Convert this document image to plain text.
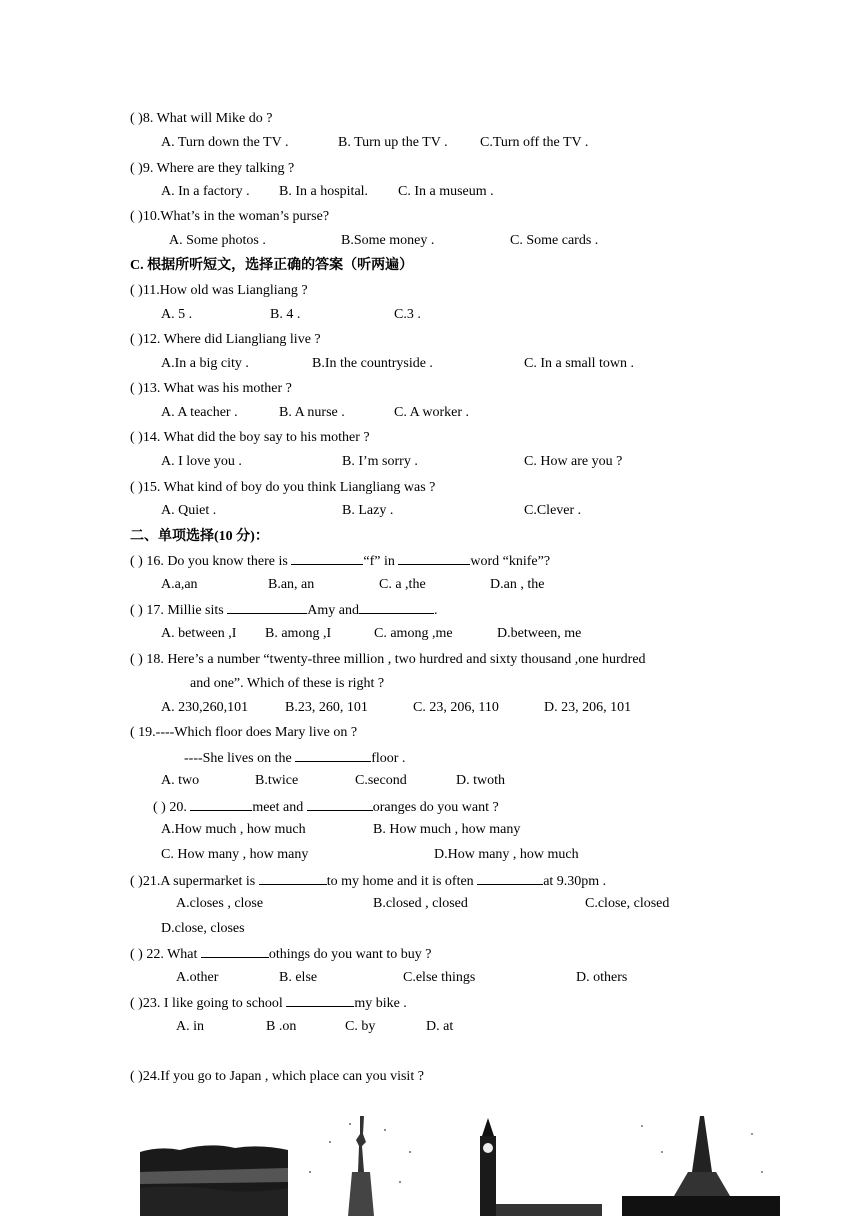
( )8. What will Mike do ?
A. Turn down the TV .	B. Turn up the TV . C.Turn off the TV .
( )9. Where are they talking ?
A. In a factory . B. In a hospital. C. In a museum .
( )10.What’s in the woman’s purse?
A. Some photos .	B.Some money .	C. Some cards .
C. 根据所听短文，选择正确的答案（听两遍）
( )11.How old was Liangliang ?
A. 5 .	B. 4 .	C.3 .
( )12. Where did Liangliang live ?
A.In a big city .	B.In the countryside .	C. In a small town .
( )13. What was his mother ?
A. A teacher .	B. A nurse .	C. A worker .
( )14. What did the boy say to his mother ?
A. I love you .	B. I’m sorry .	C. How are you ?
( )15. What kind of boy do you think Liangliang was ?
A. Quiet .	B. Lazy .	C.Clever .
二、单项选择(10 分)：
( ) 16. Do you know there is	“f” in	word “knife”?
A.a,an	B.an, an	C. a ,the	D.an , the
( ) 17. Millie sits	Amy and	.
A. between ,I B. among ,I	C. among ,me	D.between, me
( ) 18. Here’s a number “twenty-three million , two hurdred and sixty thousand ,one hurdred
and one”. Which of these is right ?
A. 230,260,101	B.23, 260, 101	C. 23, 206, 110	D. 23, 206, 101
( 19.----Which floor does Mary live on ?
----She lives on the	floor .
A. two	B.twice	C.second	D. twoth
( ) 20.	meet and	oranges do you want ?
A.How much , how much	B. How much , how many
C. How many , how many	D.How many , how much
( )21.A supermarket is	to my home and it is often	at 9.30pm .
A.closes , close	B.closed , closed	C.close, closed
D.close, closes
( ) 22. What	othings do you want to buy ?
A.other	B. else	C.else things	D. others
( )23. I like going to school	my bike .
A. in	B .on	C. by	D. at
( )24.If you go to Japan , which place can you visit ?
